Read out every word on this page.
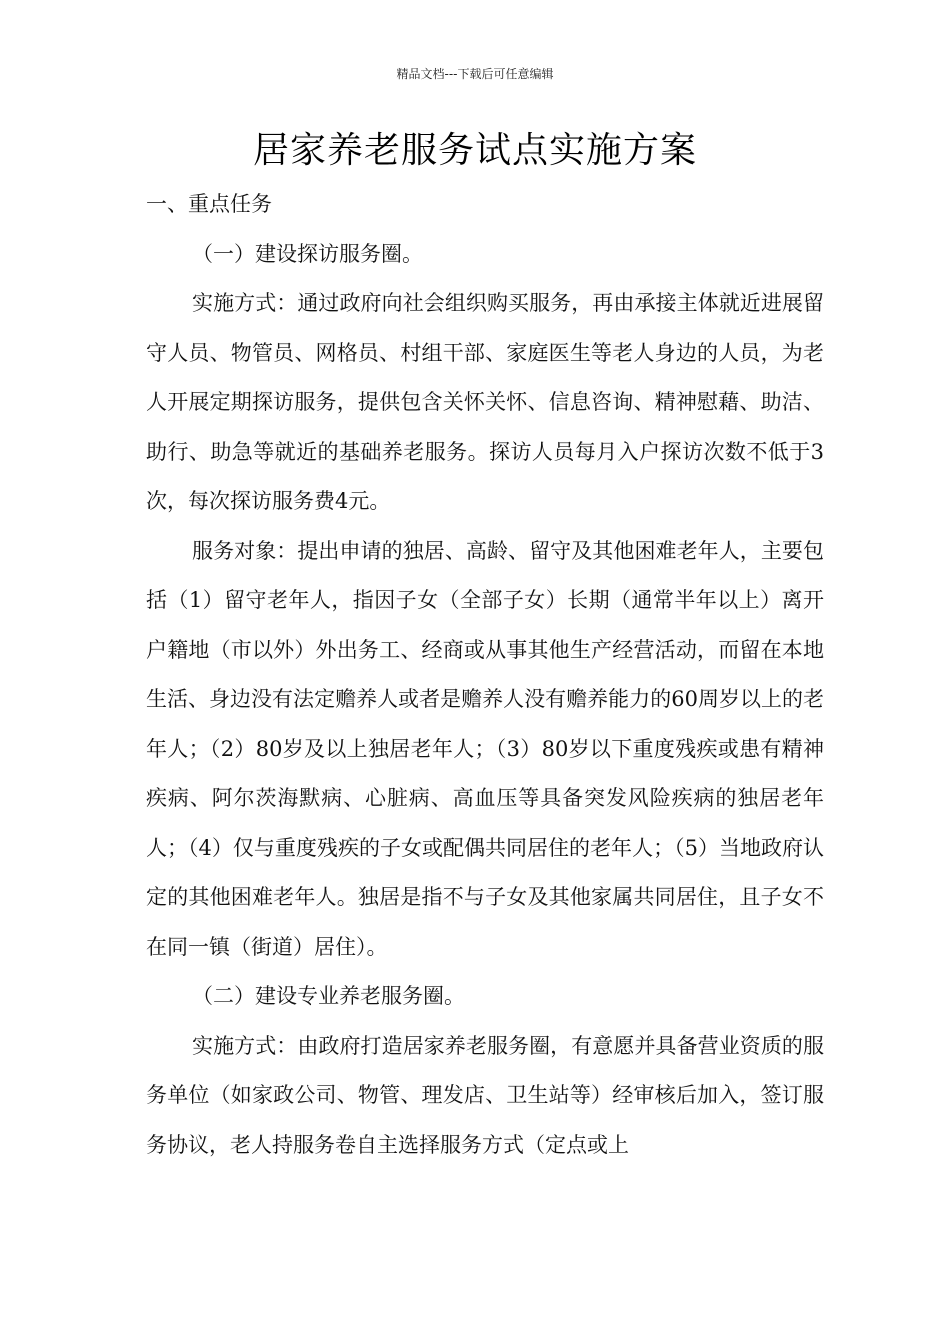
精品文档---下载后可任意编辑
居家养老服务试点实施方案

一、重点任务

（一）建设探访服务圈。

实施方式：通过政府向社会组织购买服务，再由承接主体就近进展留守人员、物管员、网格员、村组干部、家庭医生等老人身边的人员，为老人开展定期探访服务，提供包含关怀关怀、信息咨询、精神慰藉、助洁、助行、助急等就近的基础养老服务。探访人员每月入户探访次数不低于3次，每次探访服务费4元。

服务对象：提出申请的独居、高龄、留守及其他困难老年人，主要包括（1）留守老年人，指因子女（全部子女）长期（通常半年以上）离开户籍地（市以外）外出务工、经商或从事其他生产经营活动，而留在本地生活、身边没有法定赡养人或者是赡养人没有赡养能力的60周岁以上的老年人；（2）80岁及以上独居老年人；（3）80岁以下重度残疾或患有精神疾病、阿尔茨海默病、心脏病、高血压等具备突发风险疾病的独居老年人；（4）仅与重度残疾的子女或配偶共同居住的老年人；（5）当地政府认定的其他困难老年人。独居是指不与子女及其他家属共同居住，且子女不在同一镇（街道）居住）。

（二）建设专业养老服务圈。

实施方式：由政府打造居家养老服务圈，有意愿并具备营业资质的服务单位（如家政公司、物管、理发店、卫生站等）经审核后加入，签订服务协议，老人持服务卷自主选择服务方式（定点或上
